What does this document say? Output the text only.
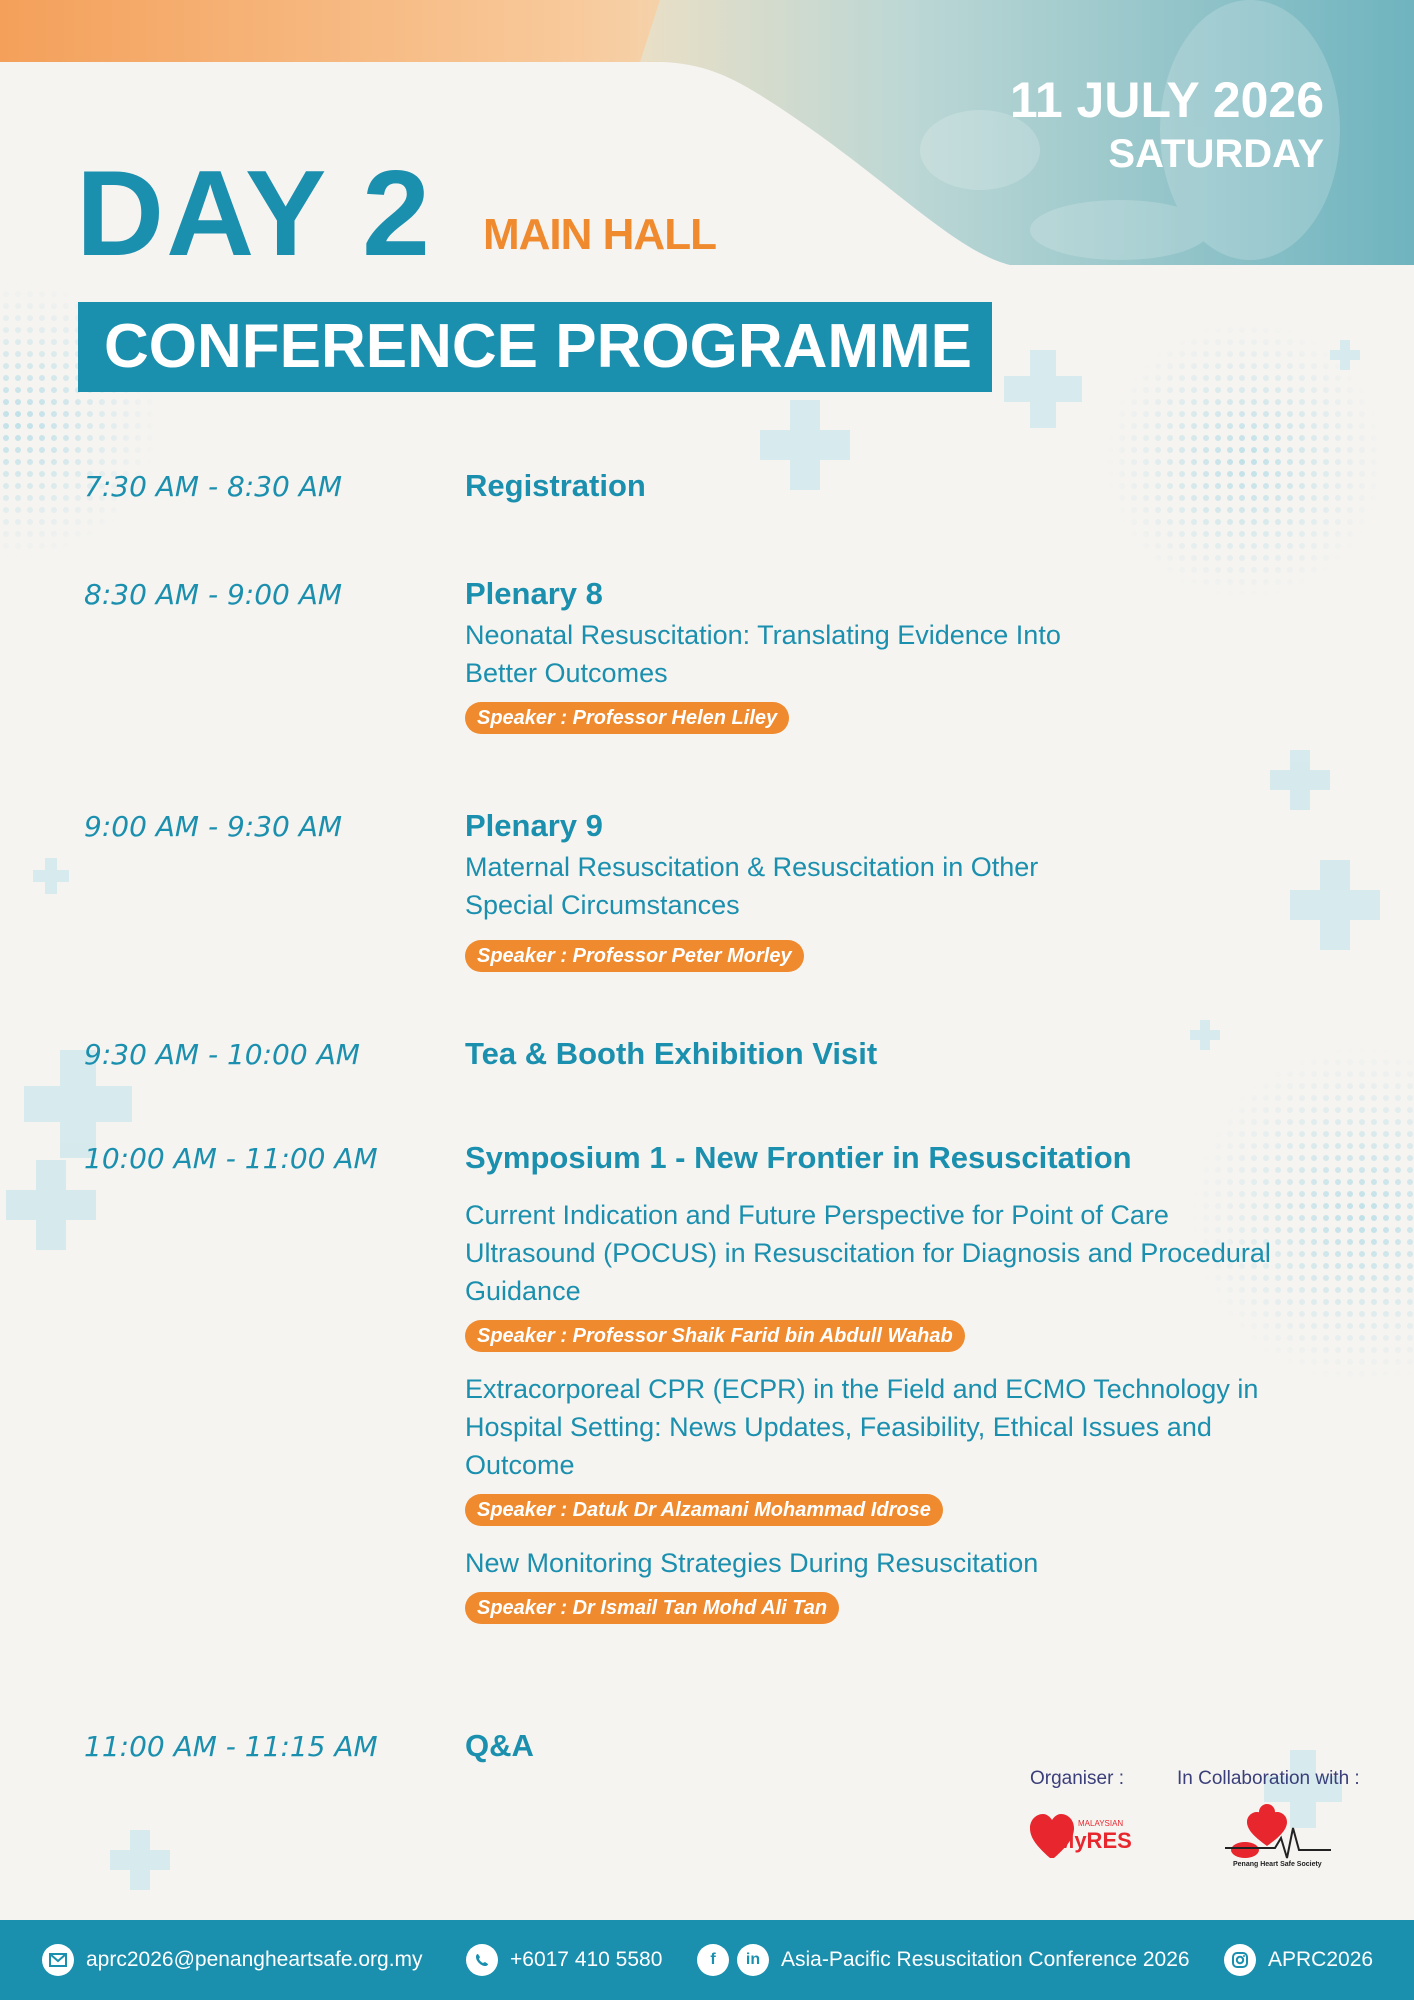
11 JULY 2026
SATURDAY
DAY 2 MAIN HALL
CONFERENCE PROGRAMME
7:30 AM - 8:30 AM	Registration
8:30 AM - 9:00 AM	Plenary 8
Neonatal Resuscitation: Translating Evidence Into Better Outcomes
Speaker : Professor Helen Liley
9:00 AM - 9:30 AM	Plenary 9
Maternal Resuscitation & Resuscitation in Other Special Circumstances
Speaker : Professor Peter Morley
9:30 AM - 10:00 AM	Tea & Booth Exhibition Visit
10:00 AM - 11:00 AM	Symposium 1 - New Frontier in Resuscitation
Current Indication and Future Perspective for Point of Care Ultrasound (POCUS) in Resuscitation for Diagnosis and Procedural Guidance
Speaker : Professor Shaik Farid bin Abdull Wahab
Extracorporeal CPR (ECPR) in the Field and ECMO Technology in Hospital Setting: News Updates, Feasibility, Ethical Issues and Outcome
Speaker : Datuk Dr Alzamani Mohammad Idrose
New Monitoring Strategies During Resuscitation
Speaker : Dr Ismail Tan Mohd Ali Tan
11:00 AM - 11:15 AM	Q&A
Organiser :	In Collaboration with :
MALAYSIAN
MyRES
Penang Heart Safe Society
aprc2026@penangheartsafe.org.my	+6017 410 5580	f	in Asia-Pacific Resuscitation Conference 2026	APRC2026
